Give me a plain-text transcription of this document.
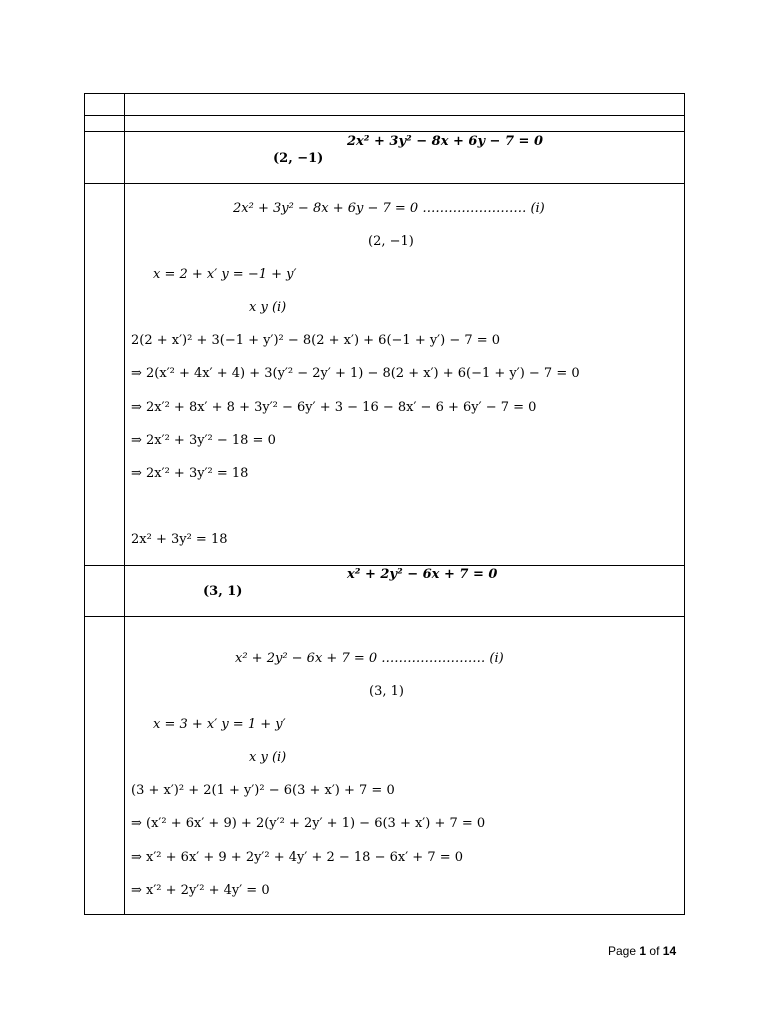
2x² + 3y² − 8x + 6y − 7 = 0
(2, −1)
2x² + 3y² − 8x + 6y − 7 = 0 …………………… (i)
(2, −1)
x = 2 + x′ y = −1 + y′
x y (i)
2(2 + x′)² + 3(−1 + y′)² − 8(2 + x′) + 6(−1 + y′) − 7 = 0
⇒ 2(x′² + 4x′ + 4) + 3(y′² − 2y′ + 1) − 8(2 + x′) + 6(−1 + y′) − 7 = 0
⇒ 2x′² + 8x′ + 8 + 3y′² − 6y′ + 3 − 16 − 8x′ − 6 + 6y′ − 7 = 0
⇒ 2x′² + 3y′² − 18 = 0
⇒ 2x′² + 3y′² = 18
2x² + 3y² = 18
x² + 2y² − 6x + 7 = 0
(3, 1)
x² + 2y² − 6x + 7 = 0 …………………… (i)
(3, 1)
x = 3 + x′ y = 1 + y′
x y (i)
(3 + x′)² + 2(1 + y′)² − 6(3 + x′) + 7 = 0
⇒ (x′² + 6x′ + 9) + 2(y′² + 2y′ + 1) − 6(3 + x′) + 7 = 0
⇒ x′² + 6x′ + 9 + 2y′² + 4y′ + 2 − 18 − 6x′ + 7 = 0
⇒ x′² + 2y′² + 4y′ = 0
Page 1 of 14
